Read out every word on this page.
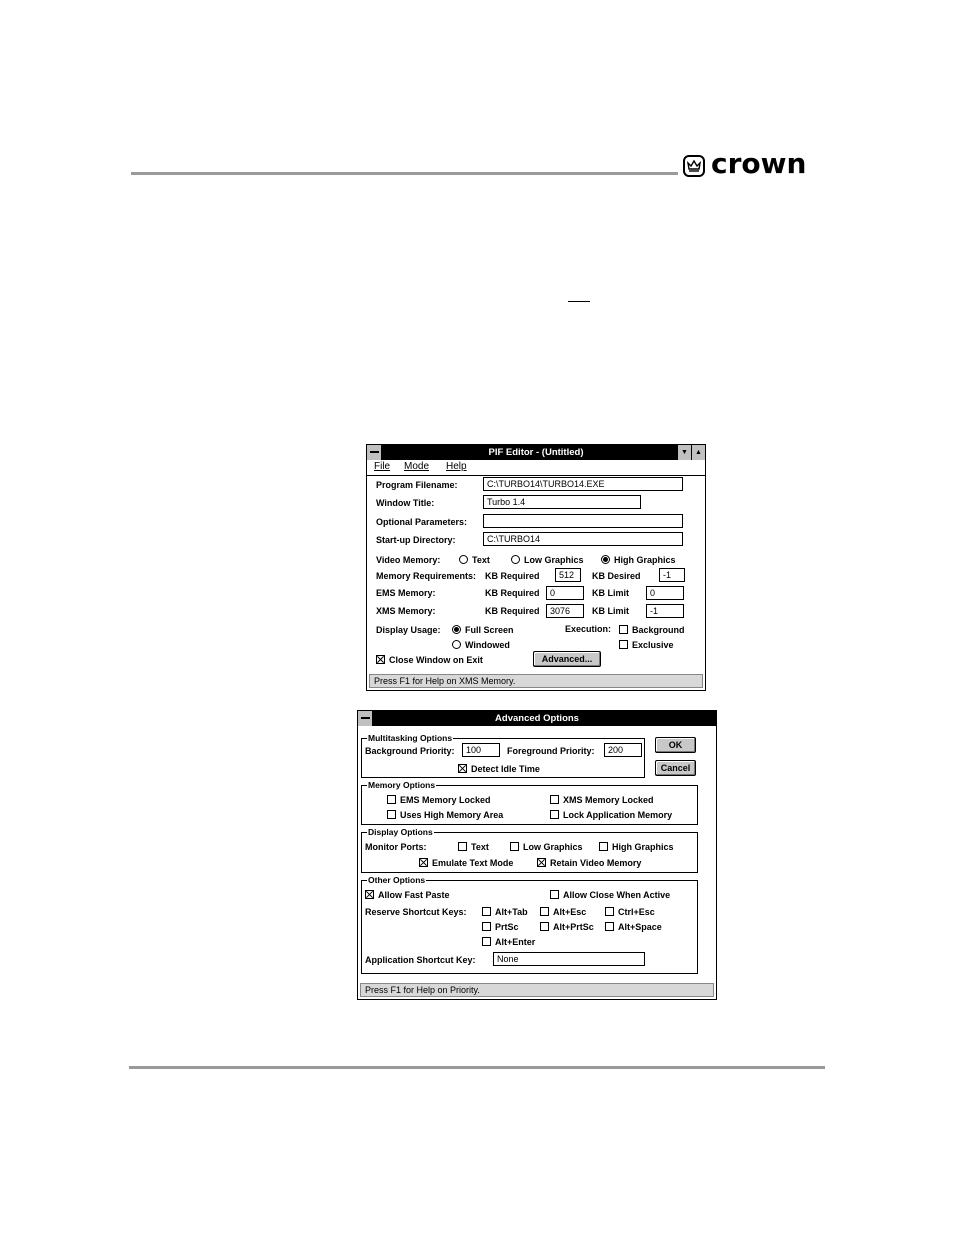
crown
PIF Editor - (Untitled)	▼	▲
File Mode Help
Program Filename:	C:\TURBO14\TURBO14.EXE
Window Title:	Turbo 1.4
Optional Parameters:
Start-up Directory:	C:\TURBO14
Video Memory:	Text	Low Graphics	High Graphics
Memory Requirements: KB Required	512	KB Desired	-1
EMS Memory:	KB Required	0	KB Limit	0
XMS Memory:	KB Required	3076	KB Limit	-1
Display Usage:	Full Screen
Windowed
Execution: Background
Exclusive
Close Window on Exit	Advanced...
Press F1 for Help on XMS Memory.
Advanced Options
Multitasking Options
Background Priority:	100	Foreground Priority:	200
Detect Idle Time
OK
Cancel
Memory Options
EMS Memory Locked	XMS Memory Locked
Uses High Memory Area	Lock Application Memory
Display Options
Monitor Ports:	Text	Low Graphics	High Graphics
Emulate Text Mode	Retain Video Memory
Other Options
Allow Fast Paste	Allow Close When Active
Reserve Shortcut Keys:	Alt+Tab	Alt+Esc	Ctrl+Esc
PrtSc	Alt+PrtSc	Alt+Space
Alt+Enter
Application Shortcut Key:	None
Press F1 for Help on Priority.
